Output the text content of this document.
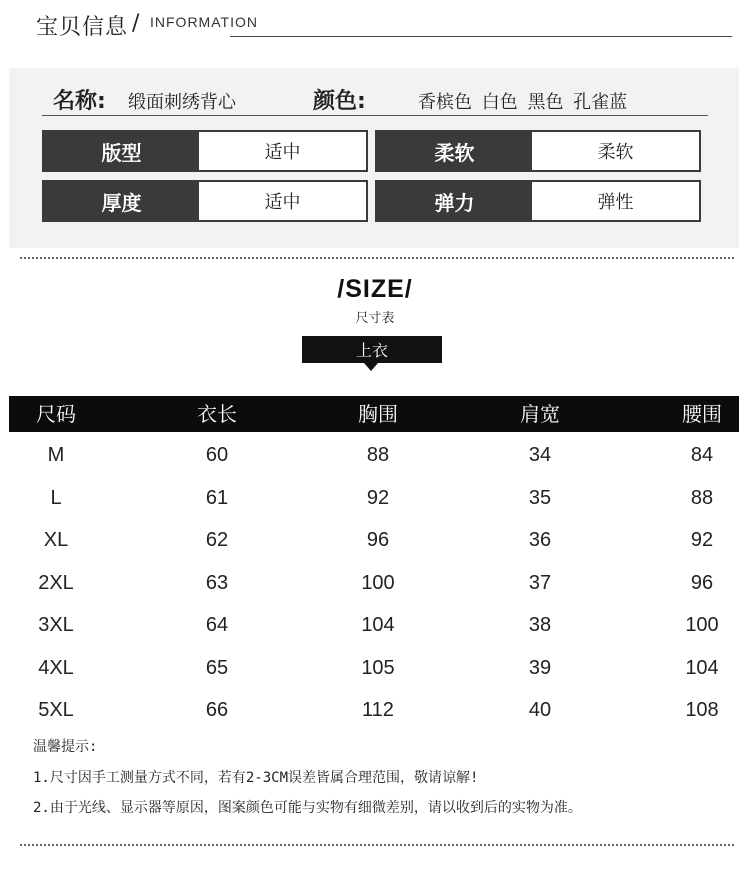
宝贝信息 / INFORMATION
名称: 缎面刺绣背心	颜色:	香槟色 白色 黑色 孔雀蓝
版型	适中	柔软	柔软
厚度	适中	弹力	弹性
/SIZE/
尺寸表
上衣
尺码	衣长	胸围	肩宽	腰围
M	60	88	34	84
L	61	92	35	88
XL	62	96	36	92
2XL	63	100	37	96
3XL	64	104	38	100
4XL	65	105	39	104
5XL	66	112	40	108
温馨提示:
1.尺寸因手工测量方式不同，若有2-3CM误差皆属合理范围，敬请谅解!
2.由于光线、显示器等原因，图案颜色可能与实物有细微差别，请以收到后的实物为准。
